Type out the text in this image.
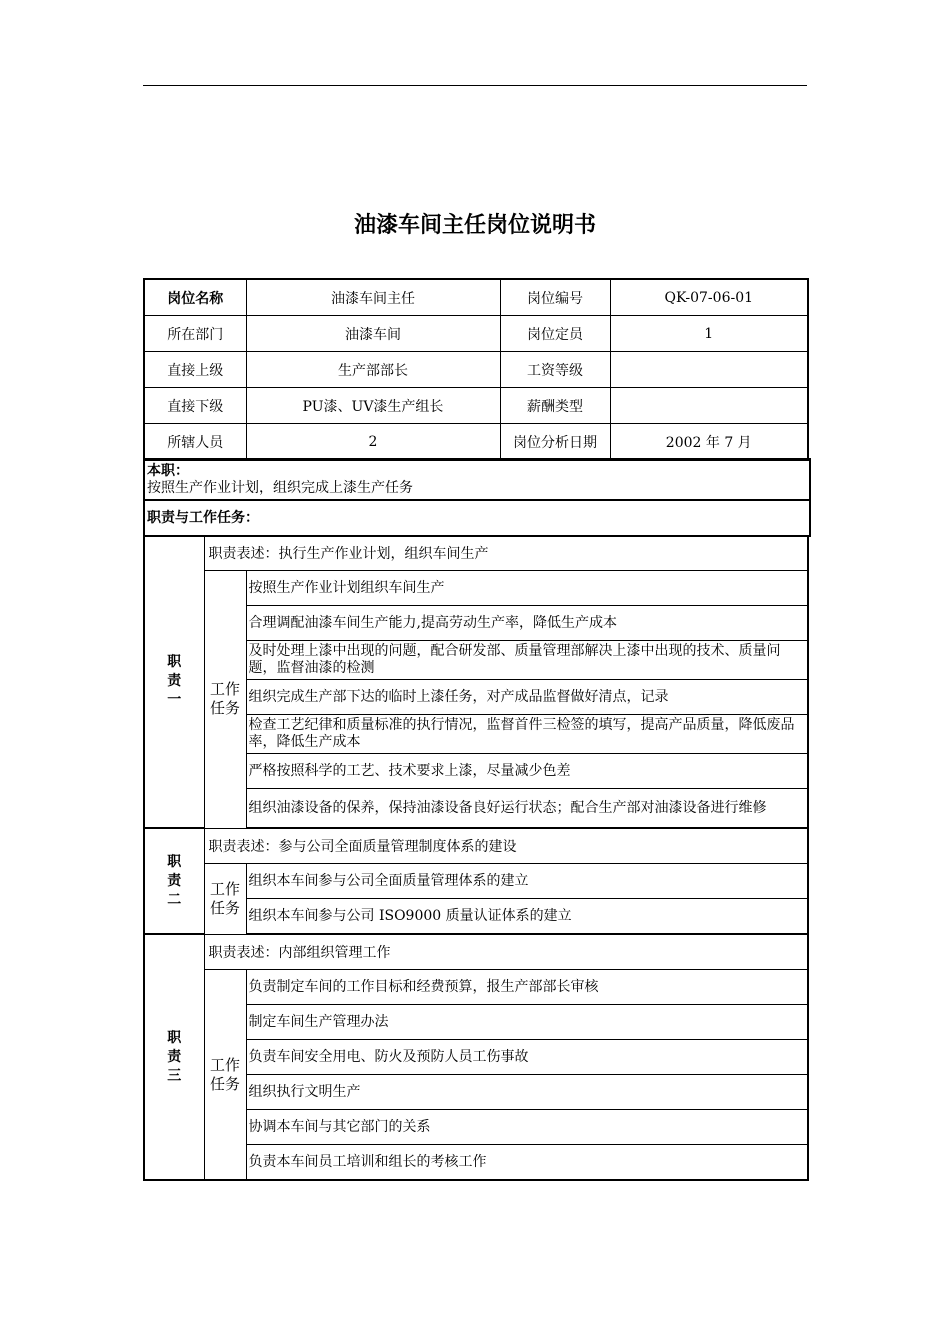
油漆车间主任岗位说明书
岗位名称	油漆车间主任	岗位编号	QK-07-06-01
所在部门	油漆车间	岗位定员	1
直接上级	生产部部长	工资等级	
直接下级	PU漆、UV漆生产组长	薪酬类型	
所辖人员	2	岗位分析日期	2002 年 7 月
本职：
按照生产作业计划，组织完成上漆生产任务
职责与工作任务：
职
责
一	职责表述：执行生产作业计划，组织车间生产	
	工作
任务	按照生产作业计划组织车间生产
		合理调配油漆车间生产能力,提高劳动生产率，降低生产成本
		及时处理上漆中出现的问题，配合研发部、质量管理部解决上漆中出现的技术、质量问题，监督油漆的检测
		组织完成生产部下达的临时上漆任务，对产成品监督做好清点，记录
		检查工艺纪律和质量标准的执行情况，监督首件三检签的填写，提高产品质量，降低废品率，降低生产成本
		严格按照科学的工艺、技术要求上漆，尽量减少色差
		组织油漆设备的保养，保持油漆设备良好运行状态；配合生产部对油漆设备进行维修
职
责
二	职责表述：参与公司全面质量管理制度体系的建设	
	工作
任务	组织本车间参与公司全面质量管理体系的建立
		组织本车间参与公司 ISO9000 质量认证体系的建立
职
责
三	职责表述：内部组织管理工作	
	工作
任务	负责制定车间的工作目标和经费预算，报生产部部长审核
		制定车间生产管理办法
		负责车间安全用电、防火及预防人员工伤事故
		组织执行文明生产
		协调本车间与其它部门的关系
		负责本车间员工培训和组长的考核工作
